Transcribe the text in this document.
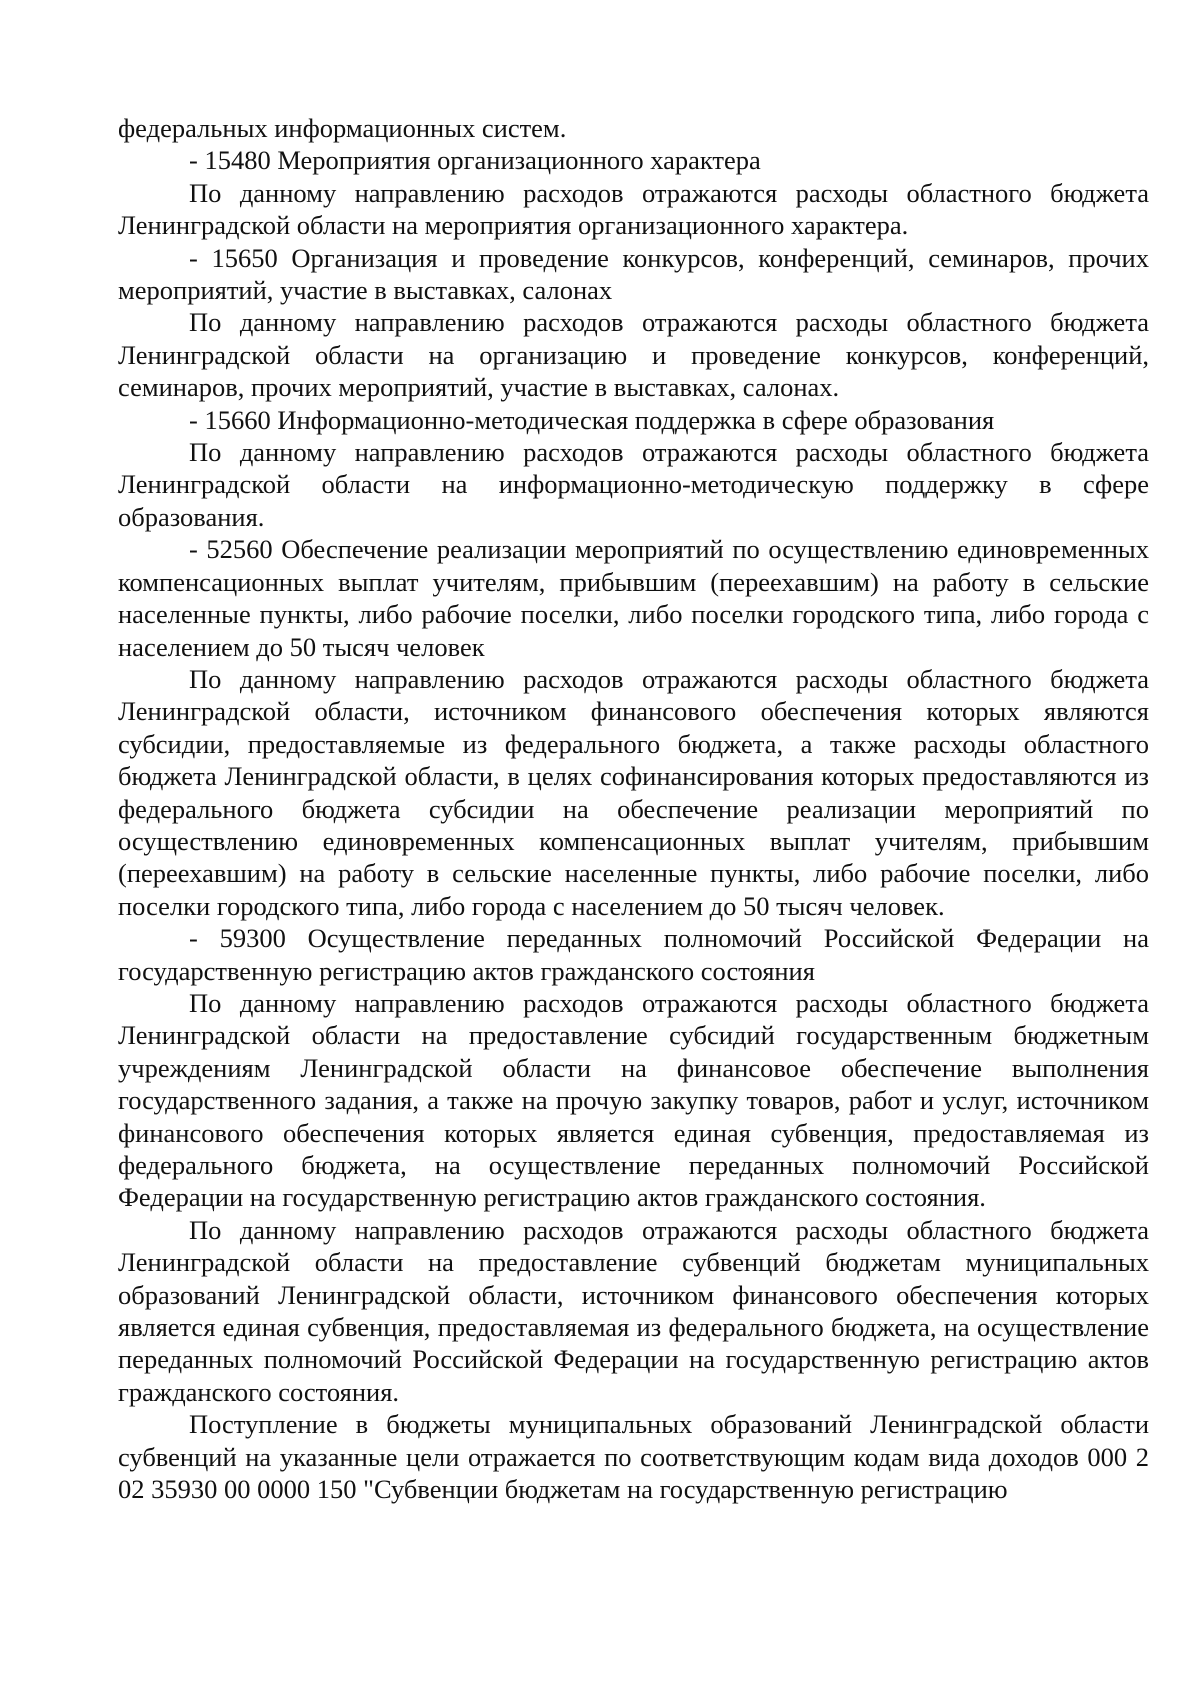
федеральных информационных систем.

- 15480 Мероприятия организационного характера

По данному направлению расходов отражаются расходы областного бюджета Ленинградской области на мероприятия организационного характера.

- 15650 Организация и проведение конкурсов, конференций, семинаров, прочих мероприятий, участие в выставках, салонах

По данному направлению расходов отражаются расходы областного бюджета Ленинградской области на организацию и проведение конкурсов, конференций, семинаров, прочих мероприятий, участие в выставках, салонах.

- 15660 Информационно-методическая поддержка в сфере образования

По данному направлению расходов отражаются расходы областного бюджета Ленинградской области на информационно-методическую поддержку в сфере образования.

- 52560 Обеспечение реализации мероприятий по осуществлению единовременных компенсационных выплат учителям, прибывшим (переехавшим) на работу в сельские населенные пункты, либо рабочие поселки, либо поселки городского типа, либо города с населением до 50 тысяч человек

По данному направлению расходов отражаются расходы областного бюджета Ленинградской области, источником финансового обеспечения которых являются субсидии, предоставляемые из федерального бюджета, а также расходы областного бюджета Ленинградской области, в целях софинансирования которых предоставляются из федерального бюджета субсидии на обеспечение реализации мероприятий по осуществлению единовременных компенсационных выплат учителям, прибывшим (переехавшим) на работу в сельские населенные пункты, либо рабочие поселки, либо поселки городского типа, либо города с населением до 50 тысяч человек.

- 59300 Осуществление переданных полномочий Российской Федерации на государственную регистрацию актов гражданского состояния

По данному направлению расходов отражаются расходы областного бюджета Ленинградской области на предоставление субсидий государственным бюджетным учреждениям Ленинградской области на финансовое обеспечение выполнения государственного задания, а также на прочую закупку товаров, работ и услуг, источником финансового обеспечения которых является единая субвенция, предоставляемая из федерального бюджета, на осуществление переданных полномочий Российской Федерации на государственную регистрацию актов гражданского состояния.

По данному направлению расходов отражаются расходы областного бюджета Ленинградской области на предоставление субвенций бюджетам муниципальных образований Ленинградской области, источником финансового обеспечения которых является единая субвенция, предоставляемая из федерального бюджета, на осуществление переданных полномочий Российской Федерации на государственную регистрацию актов гражданского состояния.

Поступление в бюджеты муниципальных образований Ленинградской области субвенций на указанные цели отражается по соответствующим кодам вида доходов 000 2 02 35930 00 0000 150 "Субвенции бюджетам на государственную регистрацию
